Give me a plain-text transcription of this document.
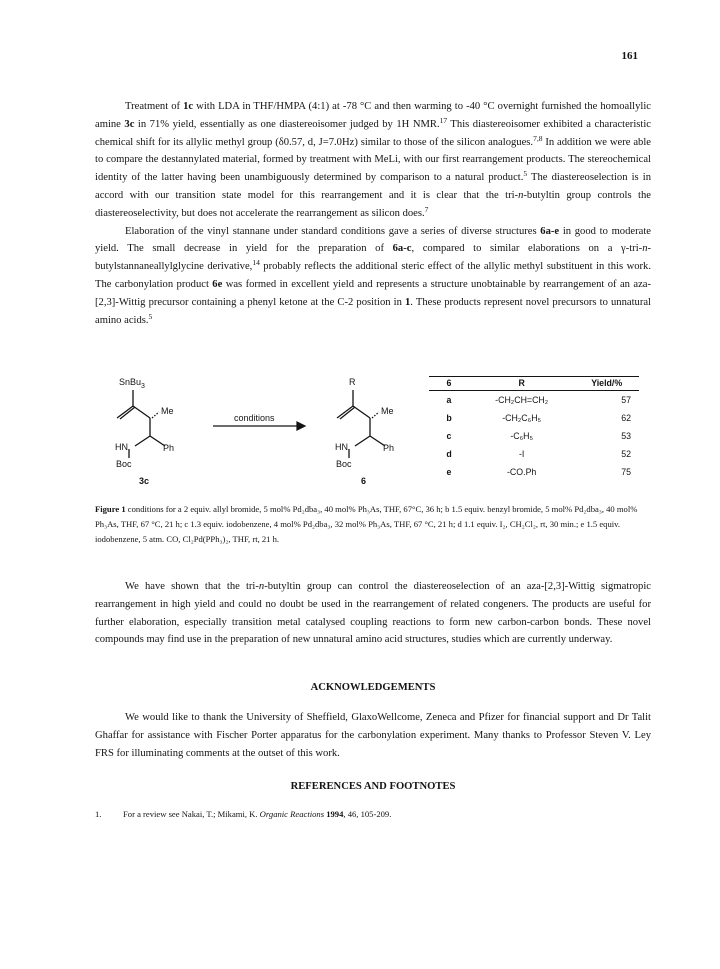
161

Treatment of 1c with LDA in THF/HMPA (4:1) at -78 °C and then warming to -40 °C overnight furnished the homoallylic amine 3c in 71% yield, essentially as one diastereoisomer judged by 1H NMR.$^{17}$ This diastereoisomer exhibited a characteristic chemical shift for its allylic methyl group (δ0.57, d, J=7.0Hz) similar to those of the silicon analogues.$^{7,8}$ In addition we were able to compare the destannylated material, formed by treatment with MeLi, with our first rearrangement products. The stereochemical identity of the latter having been unambiguously determined by comparison to a natural product.$^5$ The diastereoselection is in accord with our transition state model for this rearrangement and it is clear that the tri-n-butyltin group controls the diastereoselectivity, but does not accelerate the rearrangement as silicon does.$^7$

Elaboration of the vinyl stannane under standard conditions gave a series of diverse structures 6a-e in good to moderate yield. The small decrease in yield for the preparation of 6a-c, compared to similar elaborations on a γ-tri-n-butylstannaneallylglycine derivative,$^{14}$ probably reflects the additional steric effect of the allylic methyl substituent in this work. The carbonylation product 6e was formed in excellent yield and represents a structure unobtainable by rearrangement of an aza-[2,3]-Wittig precursor containing a phenyl ketone at the C-2 position in 1. These products represent novel precursors to unnatural amino acids.$^5$

SnBu$_3$
Me
HN	Ph
Boc
3c
conditions
R
Me
HN	Ph
Boc
6
6	R	Yield/%
a	-CH₂CH=CH₂	57
b	-CH₂C₆H₅	62
c	-C₆H₅	53
d	-I	52
e	-CO.Ph	75
Figure 1 conditions for a 2 equiv. allyl bromide, 5 mol% Pd₂dba₃, 40 mol% Ph₃As, THF, 67°C, 36 h; b 1.5 equiv. benzyl bromide, 5 mol% Pd₂dba₃, 40 mol% Ph₃As, THF, 67 °C, 21 h; c 1.3 equiv. iodobenzene, 4 mol% Pd₂dba₃, 32 mol% Ph₃As, THF, 67 °C, 21 h; d 1.1 equiv. I₂, CH₂Cl₂, rt, 30 min.; e 1.5 equiv. iodobenzene, 5 atm. CO, Cl₂Pd(PPh₃)₂, THF, rt, 21 h.

We have shown that the tri-n-butyltin group can control the diastereoselection of an aza-[2,3]-Wittig sigmatropic rearrangement in high yield and could no doubt be used in the rearrangement of related congeners. The products are useful for further elaboration, especially transition metal catalysed coupling reactions to form new carbon-carbon bonds. These novel compounds may find use in the preparation of new unnatural amino acid structures, studies which are currently underway.

ACKNOWLEDGEMENTS

We would like to thank the University of Sheffield, GlaxoWellcome, Zeneca and Pfizer for financial support and Dr Talit Ghaffar for assistance with Fischer Porter apparatus for the carbonylation experiment. Many thanks to Professor Steven V. Ley FRS for illuminating comments at the outset of this work.

REFERENCES AND FOOTNOTES
1.	For a review see Nakai, T.; Mikami, K. Organic Reactions 1994, 46, 105-209.
